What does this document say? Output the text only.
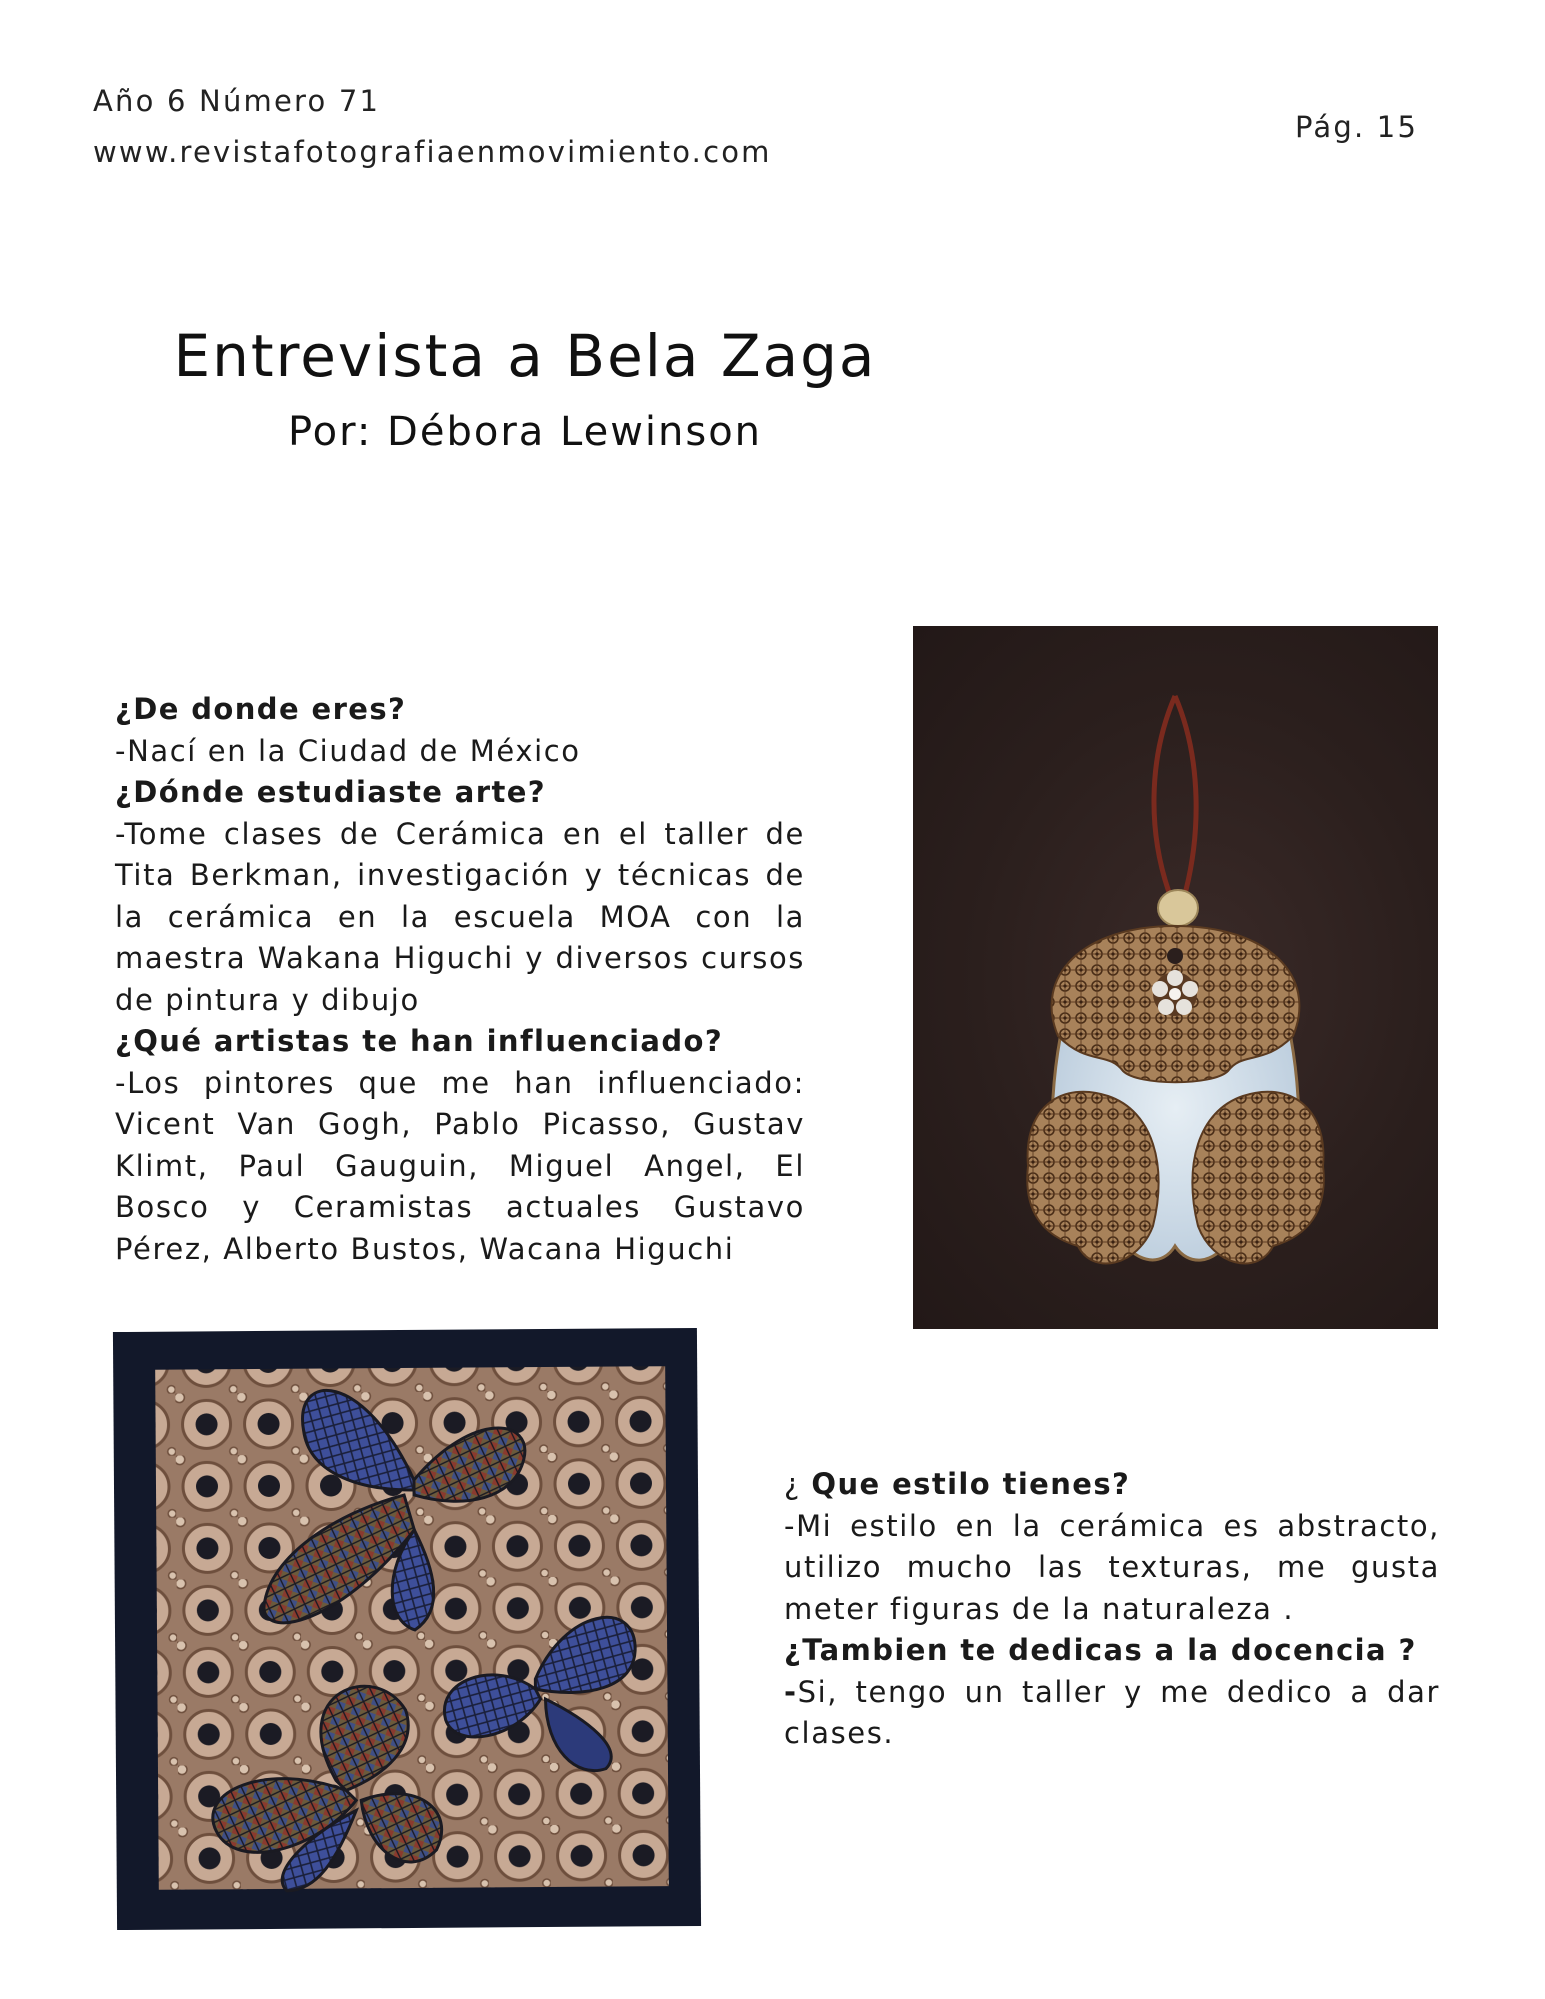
Año 6 Número 71
www.revistafotografiaenmovimiento.com
Pág. 15
Entrevista a Bela Zaga
Por: Débora Lewinson
¿De donde eres?
-Nací en la Ciudad de México
¿Dónde estudiaste arte?
-Tome clases de Cerámica en el taller de Tita Berkman, investigación y técnicas de la cerámica en la escuela MOA con la maestra Wakana Higuchi y diversos cursos de pintura y dibujo
¿Qué artistas te han influenciado?
-Los pintores que me han influenciado: Vicent Van Gogh, Pablo Picasso, Gustav Klimt, Paul Gauguin, Miguel Angel, El Bosco y Ceramistas actuales Gustavo Pérez, Alberto Bustos, Wacana Higuchi
¿ Que estilo tienes?
-Mi estilo en la cerámica es abstracto, utilizo mucho las texturas, me gusta meter figuras de la naturaleza .
¿Tambien te dedicas a la docencia ?
-Si, tengo un taller y me dedico a dar clases.
